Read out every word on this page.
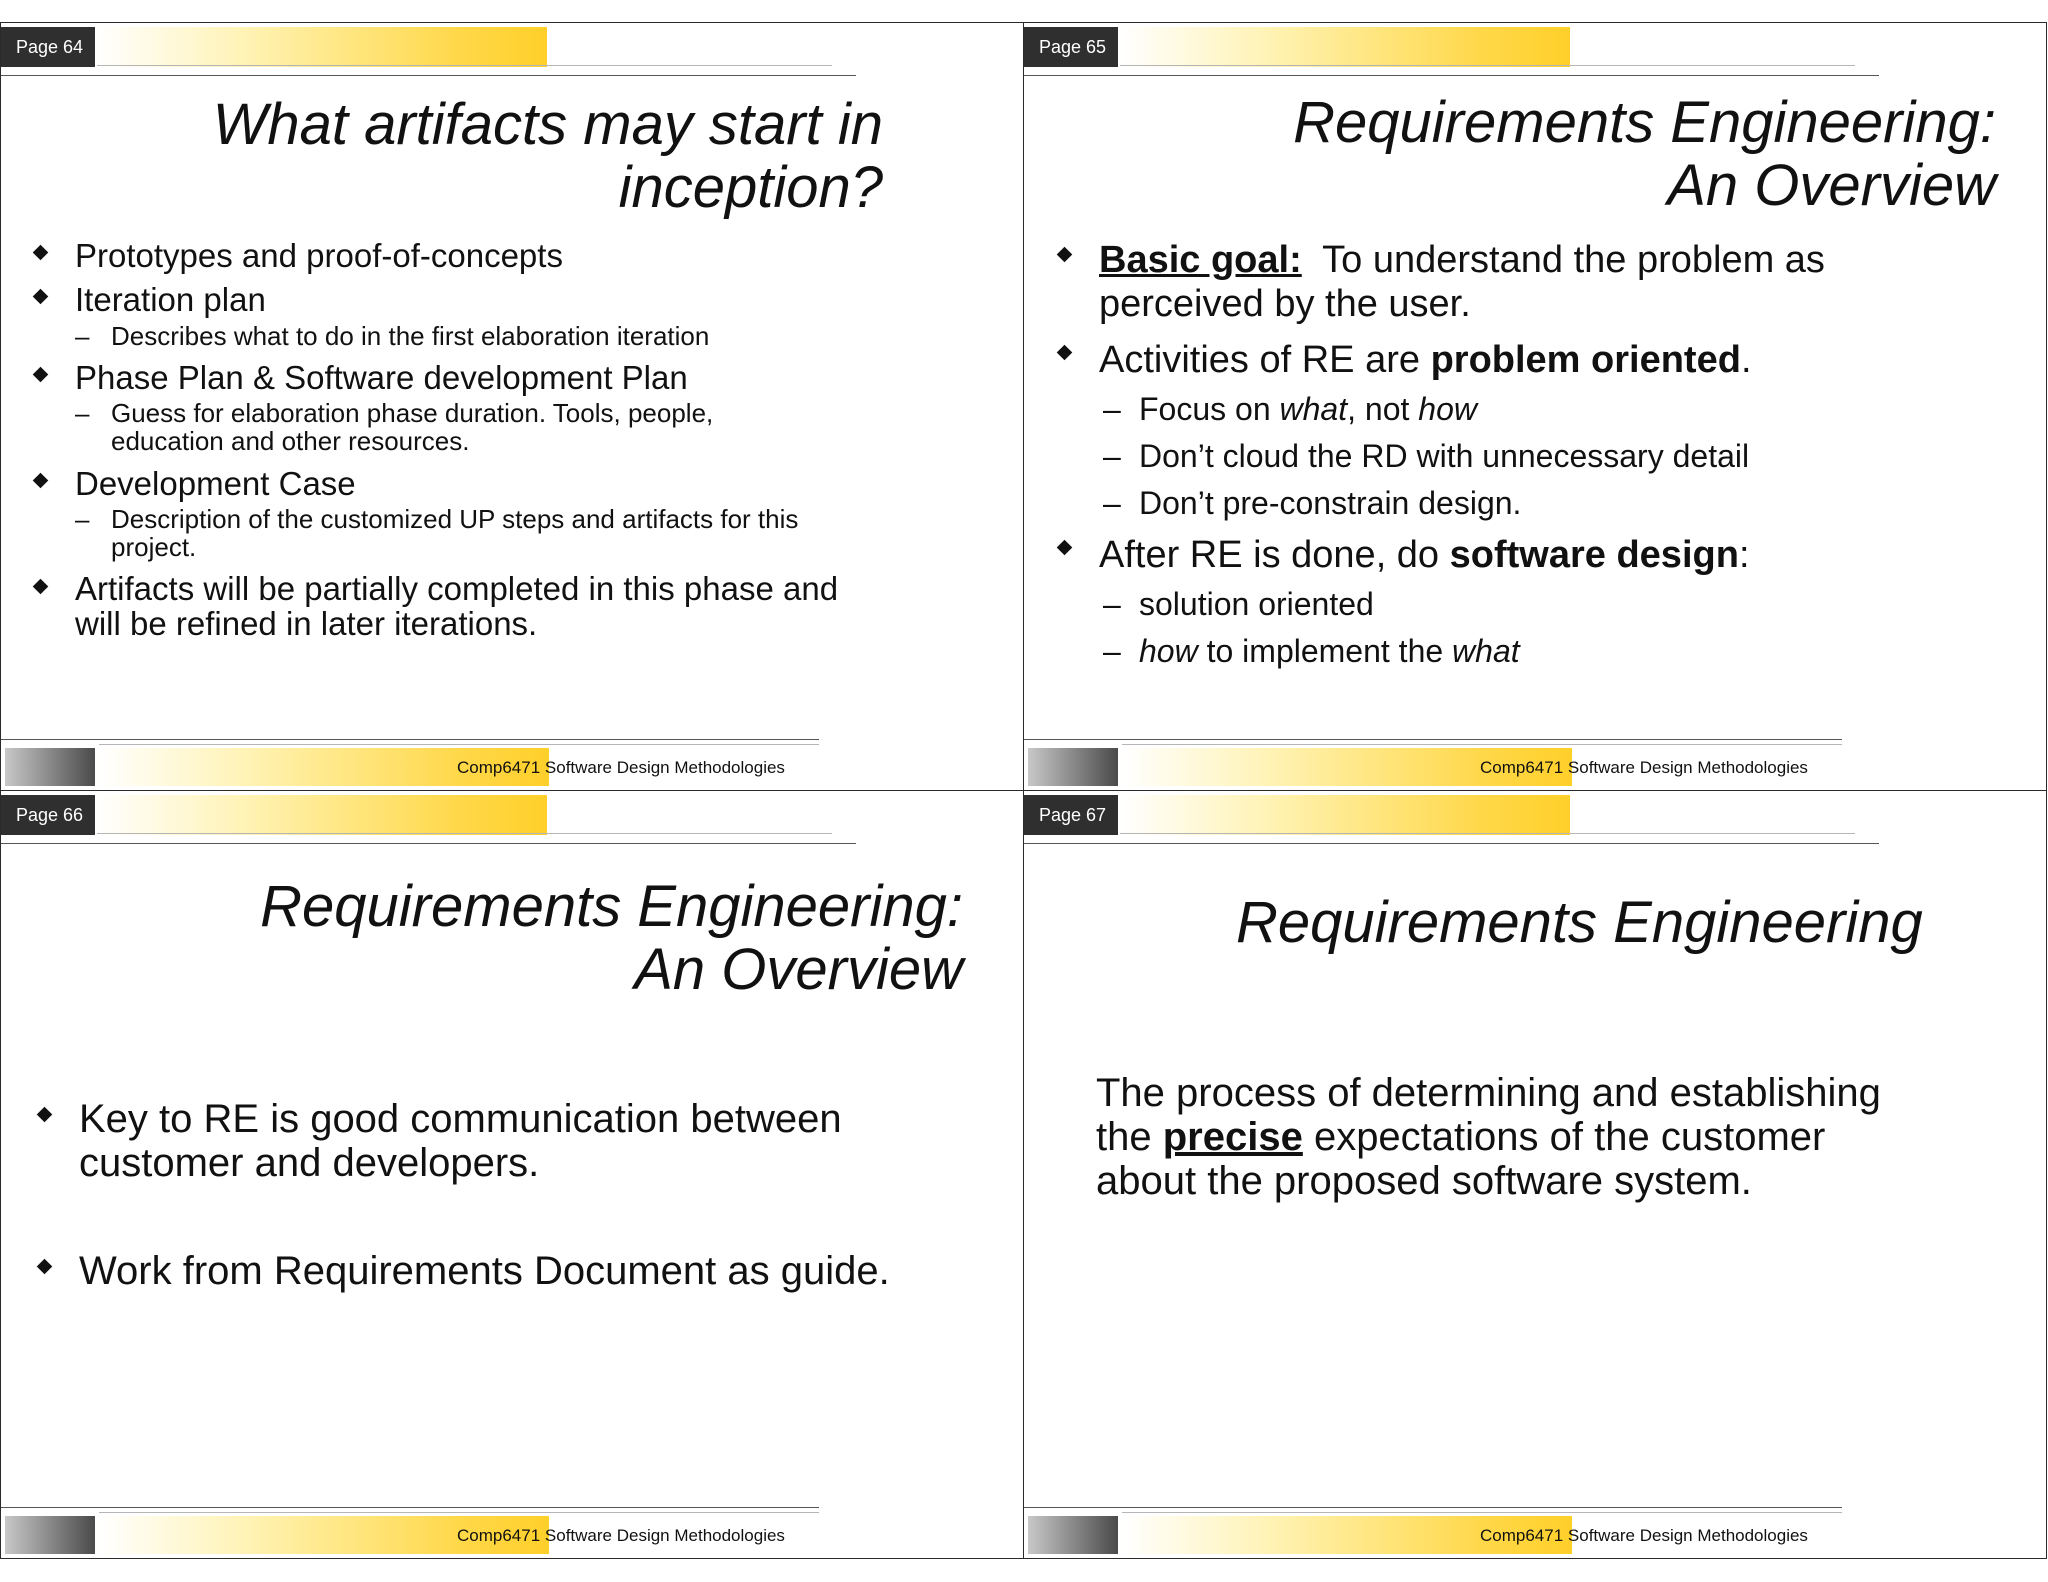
Page 64
What artifacts may start in
inception?
Prototypes and proof-of-concepts
Iteration plan
– Describes what to do in the first elaboration iteration
Phase Plan & Software development Plan
– Guess for elaboration phase duration. Tools, people,
education and other resources.
Development Case
– Description of the customized UP steps and artifacts for this
project.
Artifacts will be partially completed in this phase and
will be refined in later iterations.
Comp6471 Software Design Methodologies
Page 65
Requirements Engineering:
An Overview
Basic goal: To understand the problem as
perceived by the user.
Activities of RE are problem oriented.
– Focus on what, not how
– Don’t cloud the RD with unnecessary detail
– Don’t pre-constrain design.
After RE is done, do software design:
– solution oriented
– how to implement the what
Comp6471 Software Design Methodologies
Page 66
Requirements Engineering:
An Overview
Key to RE is good communication between
customer and developers.
Work from Requirements Document as guide.
Comp6471 Software Design Methodologies
Page 67
Requirements Engineering
The process of determining and establishing
the precise expectations of the customer
about the proposed software system.
Comp6471 Software Design Methodologies
